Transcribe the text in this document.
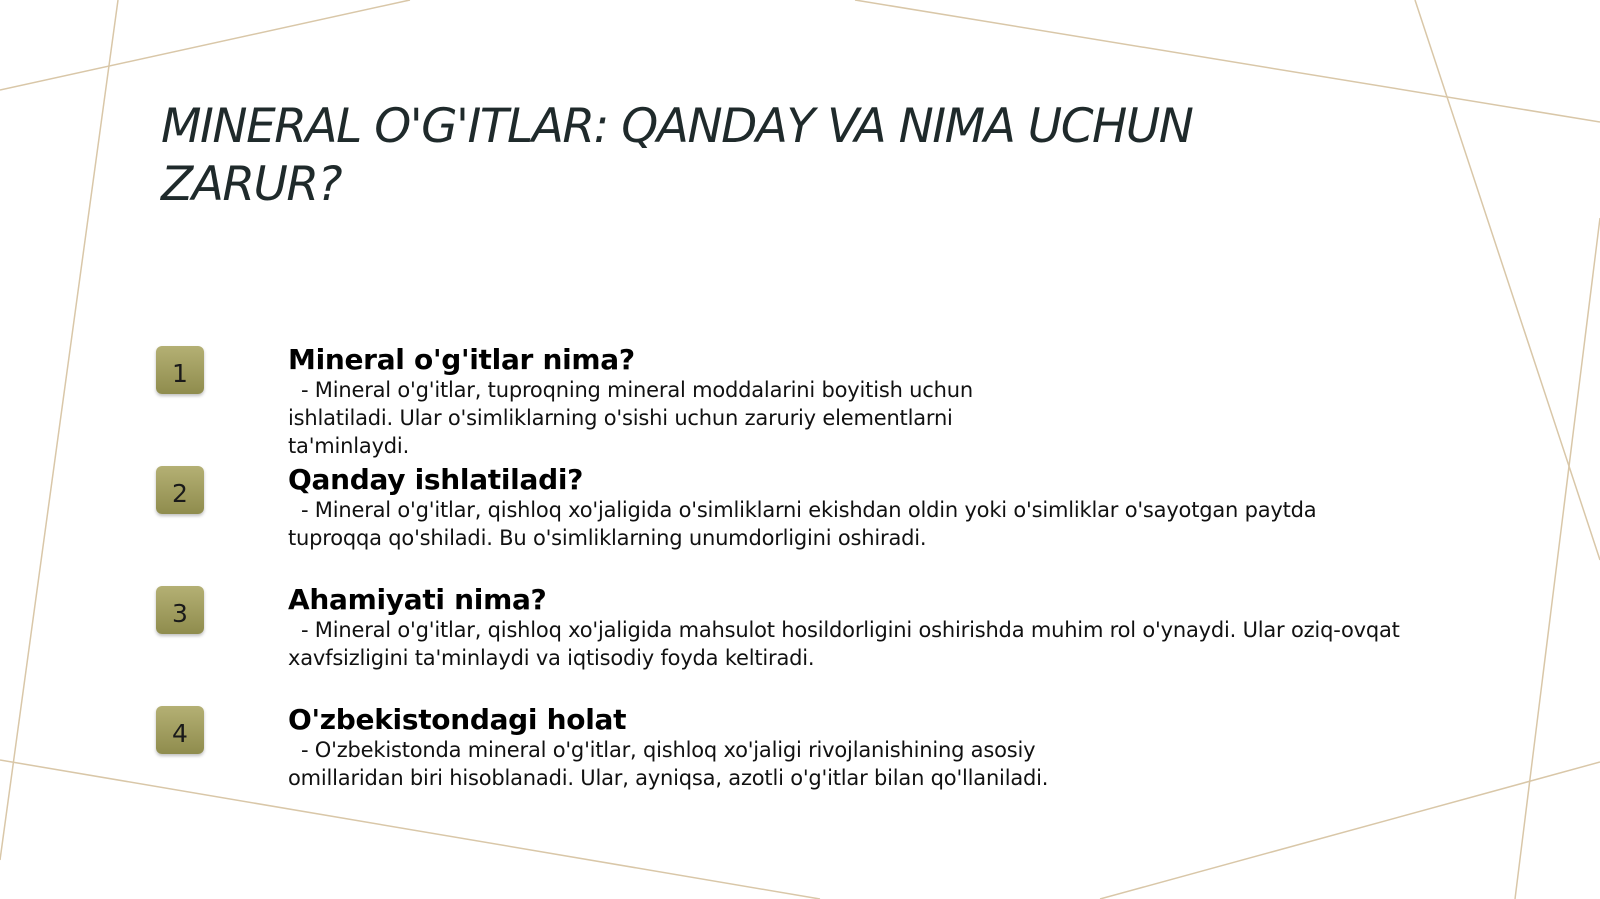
MINERAL O'G'ITLAR: QANDAY VA NIMA UCHUN ZARUR?
1	Mineral o'g'itlar nima?
- Mineral o'g'itlar, tuproqning mineral moddalarini boyitish uchun ishlatiladi. Ular o'simliklarning o'sishi uchun zaruriy elementlarni ta'minlaydi.
2	Qanday ishlatiladi?
- Mineral o'g'itlar, qishloq xo'jaligida o'simliklarni ekishdan oldin yoki o'simliklar o'sayotgan paytda tuproqqa qo'shiladi. Bu o'simliklarning unumdorligini oshiradi.
3	Ahamiyati nima?
- Mineral o'g'itlar, qishloq xo'jaligida mahsulot hosildorligini oshirishda muhim rol o'ynaydi. Ular oziq-ovqat xavfsizligini ta'minlaydi va iqtisodiy foyda keltiradi.
4	O'zbekistondagi holat
- O'zbekistonda mineral o'g'itlar, qishloq xo'jaligi rivojlanishining asosiy omillaridan biri hisoblanadi. Ular, ayniqsa, azotli o'g'itlar bilan qo'llaniladi.
